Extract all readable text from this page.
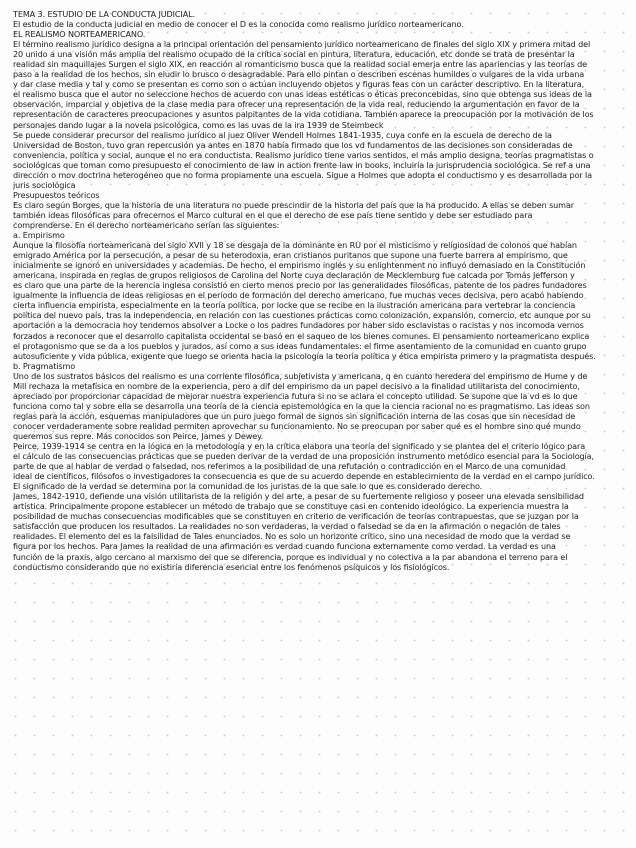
TEMA 3. ESTUDIO DE LA CONDUCTA JUDICIAL.
El estudio de la conducta judicial en medio de conocer el D es la conocida como realismo jurídico norteamericano.
EL REALISMO NORTEAMERICANO.
El término realismo jurídico designa a la principal orientación del pensamiento jurídico norteamericano de finales del siglo XIX y primera mitad del
20 unido a una visión más amplia del realismo ocupado de la crítica social en pintura, literatura, educación, etc donde se trata de presentar la
realidad sin maquillajes Surgen el siglo XIX, en reacción al romanticismo busca que la realidad social emerja entre las apariencias y las teorías de
paso a la realidad de los hechos, sin eludir lo brusco o desagradable. Para ello pintan o describen escenas humildes o vulgares de la vida urbana
y dar clase media y tal y como se presentan es como son o actúan incluyendo objetos y figuras feas con un carácter descriptivo. En la literatura,
el realismo busca que el autor no seleccione hechos de acuerdo con unas ideas estéticas o éticas preconcebidas, sino que obtenga sus ideas de la
observación, imparcial y objetiva de la clase media para ofrecer una representación de la vida real, reduciendo la argumentación en favor de la
representación de caracteres preocupaciones y asuntos palpitantes de la vida cotidiana. También aparece la preocupación por la motivación de los
personajes dando lugar a la novela psicológica, como es las uvas de la ira 1939 de Steimbeck
Se puede considerar precursor del realismo jurídico al juez Oliver Wendell Holmes 1841-1935, cuya confe en la escuela de derecho de la
Universidad de Boston, tuvo gran repercusión ya antes en 1870 había firmado que los vd fundamentos de las decisiones son consideradas de
conveniencia, política y social, aunque el no era conductista. Realismo jurídico tiene varios sentidos, el más amplio designa, teorías pragmatistas o
sociológicas que toman como presupuesto el conocimiento de law in action frente law in books, incluiría la jurisprudencia sociológica. Se ref a una
dirección o mov doctrina heterogéneo que no forma propiamente una escuela. Sigue a Holmes que adopta el conductismo y es desarrollada por la
juris sociológica
Presupuestos teóricos
Es claro según Borges, que la historia de una literatura no puede prescindir de la historia del país que la ha producido. A ellas se deben sumar
también ideas filosóficas para ofrecernos el Marco cultural en el que el derecho de ese país tiene sentido y debe ser estudiado para
comprenderse. En el derecho norteamericano serían las siguientes:
a. Empirismo
Aunque la filosofía norteamericana del siglo XVII y 18 se desgaja de la dominante en RU por el misticismo y religiosidad de colonos que habían
emigrado América por la persecución, a pesar de su heterodoxia, eran cristianos puritanos que supone una fuerte barrera al empirismo, que
inicialmente se ignoró en universidades y academias. De hecho, el empirismo inglés y su enlightenment no influyó demasiado en la Constitución
americana, inspirada en reglas de grupos religiosos de Carolina del Norte cuya declaración de Mecklemburg fue calcada por Tomás Jefferson y
es claro que una parte de la herencia inglesa consistió en cierto menos precio por las generalidades filosóficas, patente de los padres fundadores
igualmente la influencia de ideas religiosas en el período de formación del derecho americano, fue muchas veces decisiva, pero acabó habiendo
cierta influencia empirista, especialmente en la teoría política, por locke que se recibe en la ilustración americana para vertebrar la conciencia
política del nuevo país, tras la independencia, en relación con las cuestiones prácticas como colonización, expansión, comercio, etc aunque por su
aportación a la democracia hoy tendemos absolver a Locke o los padres fundadores por haber sido esclavistas o racistas y nos incomoda vernos
forzados a reconocer que el desarrollo capitalista occidental se basó en el saqueo de los bienes comunes. El pensamiento norteamericano explica
el protagonismo que se da a los pueblos y jurados, así como a sus ideas fundamentales: el firme asentamiento de la comunidad en cuanto grupo
autosuficiente y vida pública, exigente que luego se orienta hacia la psicología la teoría política y ética empirista primero y la pragmatista después.
b. Pragmatismo
Uno de los sustratos básicos del realismo es una corriente filosófica, subjetivista y americana, q en cuanto heredera del empirismo de Hume y de
Mill rechaza la metafísica en nombre de la experiencia, pero a dif del empirismo da un papel decisivo a la finalidad utilitarista del conocimiento,
apreciado por proporcionar capacidad de mejorar nuestra experiencia futura si no se aclara el concepto utilidad. Se supone que la vd es lo que
funciona como tal y sobre ella se desarrolla una teoría de la ciencia epistemológica en la que la ciencia racional no es pragmatismo. Las ideas son
reglas para la acción, esquemas manipuladores que un puro juego formal de signos sin significación interna de las cosas que sin necesidad de
conocer verdaderamente sobre realidad permiten aprovechar su funcionamiento. No se preocupan por saber qué es el hombre sino qué mundo
queremos sus repre. Más conocidos son Peirce, James y Dewey.
Peirce, 1939-1914 se centra en la lógica en la metodología y en la crítica elabora una teoría del significado y se plantea del el criterio lógico para
el cálculo de las consecuencias prácticas que se pueden derivar de la verdad de una proposición instrumento metódico esencial para la Sociología,
parte de que al hablar de verdad o falsedad, nos referimos a la posibilidad de una refutación o contradicción en el Marco de una comunidad
ideal de científicos, filósofos o investigadores la consecuencia es que de su acuerdo depende en establecimiento de la verdad en el campo jurídico.
El significado de la verdad se determina por la comunidad de los juristas de la que sale lo que es considerado derecho.
James, 1842-1910, defiende una visión utilitarista de la religión y del arte, a pesar de su fuertemente religioso y poseer una elevada sensibilidad
artística. Principalmente propone establecer un método de trabajo que se constituye casi en contenido ideológico. La experiencia muestra la
posibilidad de muchas consecuencias modificables que se constituyen en criterio de verificación de teorías contrapuestas, que se juzgan por la
satisfacción que producen los resultados. La realidades no son verdaderas, la verdad o falsedad se da en la afirmación o negación de tales
realidades. El elemento del es la falsilidad de Tales enunciados. No es solo un horizonte crítico, sino una necesidad de modo que la verdad se
figura por los hechos. Para James la realidad de una afirmación es verdad cuando funciona externamente como verdad. La verdad es una
función de la praxis, algo cercano al marxismo del que se diferencia, porque es individual y no colectiva a la par abandona el terreno para el
conductismo considerando que no existiría diferencia esencial entre los fenómenos psíquicos y los fisiológicos.
